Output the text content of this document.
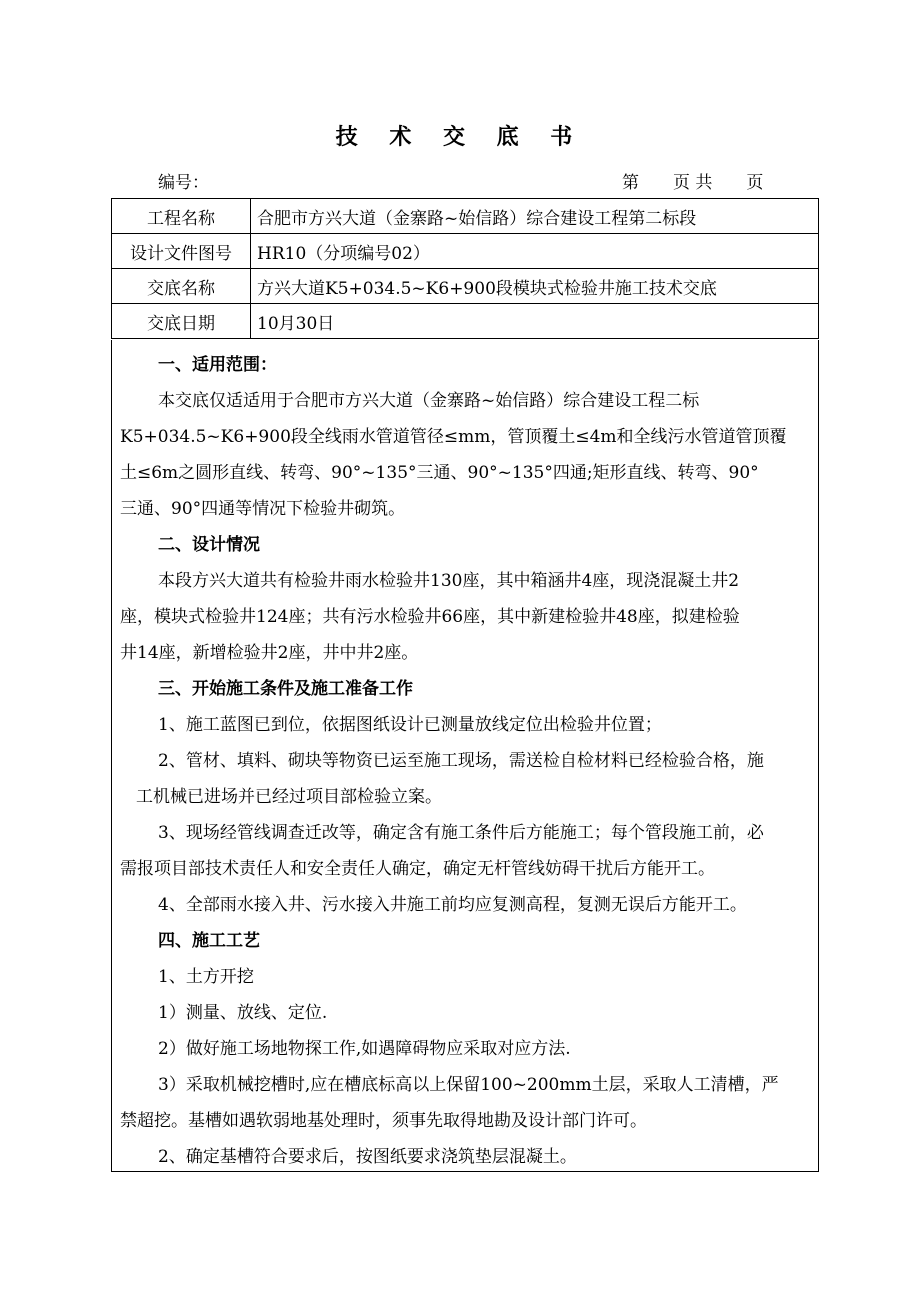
技 术 交 底 书
编号：	第　　页 共　　页
工程名称	合肥市方兴大道（金寨路~始信路）综合建设工程第二标段
设计文件图号	HR10（分项编号02）
交底名称	方兴大道K5+034.5~K6+900段模块式检验井施工技术交底
交底日期	10月30日
一、适用范围：
本交底仅适适用于合肥市方兴大道（金寨路~始信路）综合建设工程二标
K5+034.5~K6+900段全线雨水管道管径≤mm，管顶覆土≤4m和全线污水管道管顶覆
土≤6m之圆形直线、转弯、90°~135°三通、90°~135°四通;矩形直线、转弯、90°
三通、90°四通等情况下检验井砌筑。
二、设计情况
本段方兴大道共有检验井雨水检验井130座，其中箱涵井4座，现浇混凝土井2
座，模块式检验井124座；共有污水检验井66座，其中新建检验井48座，拟建检验
井14座，新增检验井2座，井中井2座。
三、开始施工条件及施工准备工作
1、施工蓝图已到位，依据图纸设计已测量放线定位出检验井位置；
2、管材、填料、砌块等物资已运至施工现场，需送检自检材料已经检验合格，施
工机械已进场并已经过项目部检验立案。
3、现场经管线调查迁改等，确定含有施工条件后方能施工；每个管段施工前，必
需报项目部技术责任人和安全责任人确定，确定无杆管线妨碍干扰后方能开工。
4、全部雨水接入井、污水接入井施工前均应复测高程，复测无误后方能开工。
四、施工工艺
1、土方开挖
1）测量、放线、定位.
2）做好施工场地物探工作,如遇障碍物应采取对应方法.
3）采取机械挖槽时,应在槽底标高以上保留100~200mm土层，采取人工清槽，严
禁超挖。基槽如遇软弱地基处理时，须事先取得地勘及设计部门许可。
2、确定基槽符合要求后，按图纸要求浇筑垫层混凝土。
